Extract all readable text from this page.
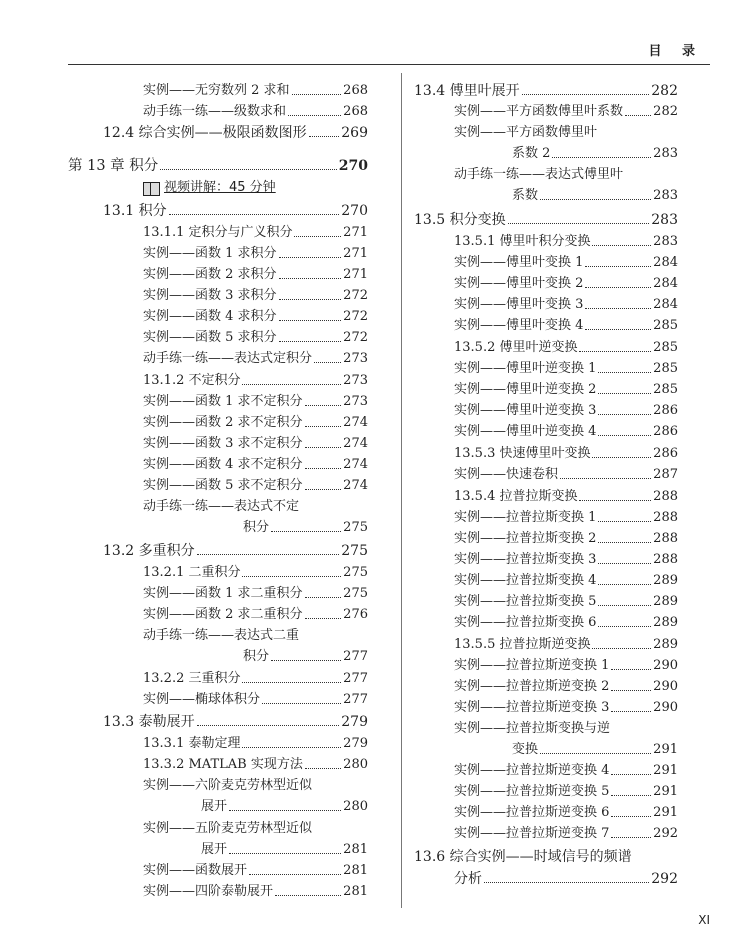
目 录
实例——无穷数列 2 求和	268
动手练一练——级数求和	268
12.4 综合实例——极限函数图形 269
第 13 章 积分	270
视频讲解：45 分钟
13.1 积分	270
13.1.1 定积分与广义积分	271
实例——函数 1 求积分	271
实例——函数 2 求积分	271
实例——函数 3 求积分	272
实例——函数 4 求积分	272
实例——函数 5 求积分	272
动手练一练——表达式定积分 273
13.1.2 不定积分	273
实例——函数 1 求不定积分	273
实例——函数 2 求不定积分	274
实例——函数 3 求不定积分	274
实例——函数 4 求不定积分	274
实例——函数 5 求不定积分	274
动手练一练——表达式不定
积分	275
13.2 多重积分	275
13.2.1 二重积分	275
实例——函数 1 求二重积分	275
实例——函数 2 求二重积分	276
动手练一练——表达式二重
积分	277
13.2.2 三重积分	277
实例——椭球体积分	277
13.3 泰勒展开	279
13.3.1 泰勒定理	279
13.3.2 MATLAB 实现方法	280
实例——六阶麦克劳林型近似
展开	280
实例——五阶麦克劳林型近似
展开	281
实例——函数展开	281
实例——四阶泰勒展开	281
13.4 傅里叶展开	282
实例——平方函数傅里叶系数 282
实例——平方函数傅里叶
系数 2	283
动手练一练——表达式傅里叶
系数	283
13.5 积分变换	283
13.5.1 傅里叶积分变换	283
实例——傅里叶变换 1	284
实例——傅里叶变换 2	284
实例——傅里叶变换 3	284
实例——傅里叶变换 4	285
13.5.2 傅里叶逆变换	285
实例——傅里叶逆变换 1	285
实例——傅里叶逆变换 2	285
实例——傅里叶逆变换 3	286
实例——傅里叶逆变换 4	286
13.5.3 快速傅里叶变换	286
实例——快速卷积	287
13.5.4 拉普拉斯变换	288
实例——拉普拉斯变换 1	288
实例——拉普拉斯变换 2	288
实例——拉普拉斯变换 3	288
实例——拉普拉斯变换 4	289
实例——拉普拉斯变换 5	289
实例——拉普拉斯变换 6	289
13.5.5 拉普拉斯逆变换	289
实例——拉普拉斯逆变换 1	290
实例——拉普拉斯逆变换 2	290
实例——拉普拉斯逆变换 3	290
实例——拉普拉斯变换与逆
变换	291
实例——拉普拉斯逆变换 4	291
实例——拉普拉斯逆变换 5	291
实例——拉普拉斯逆变换 6	291
实例——拉普拉斯逆变换 7	292
13.6 综合实例——时域信号的频谱
分析	292
XI
